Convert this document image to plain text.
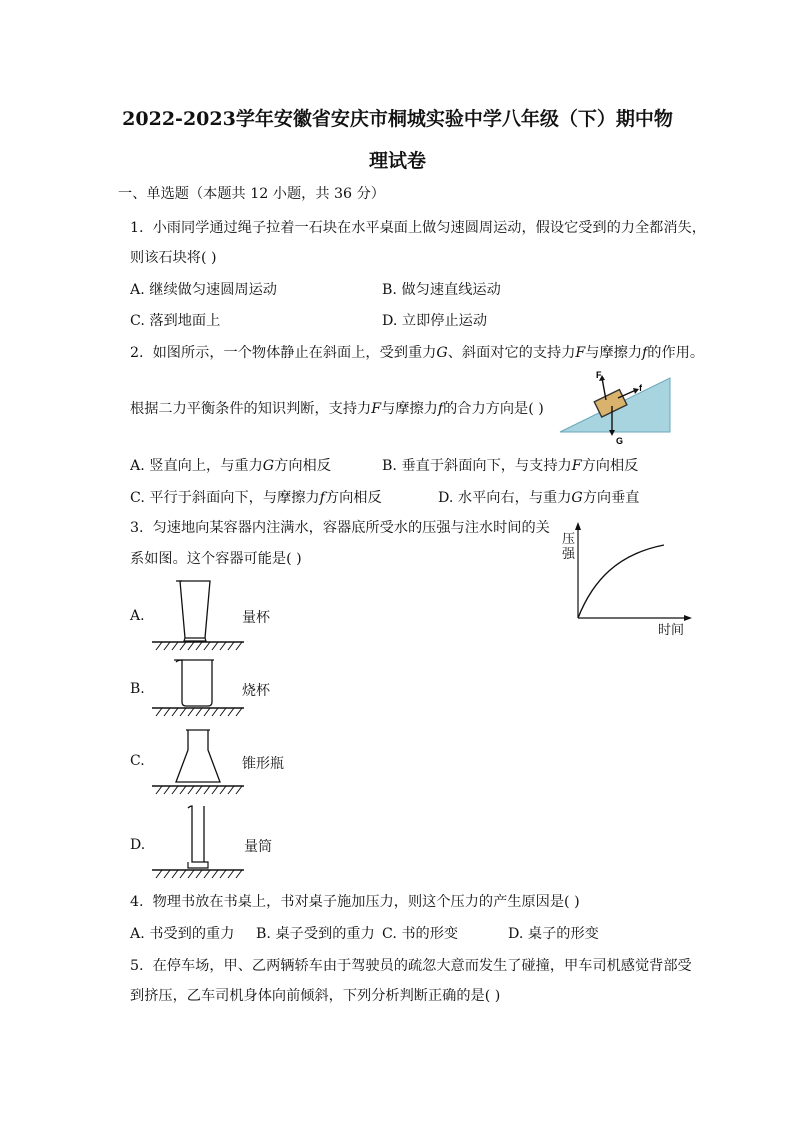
2022-2023学年安徽省安庆市桐城实验中学八年级（下）期中物
理试卷
一、单选题（本题共 12 小题，共 36 分）
1. 小雨同学通过绳子拉着一石块在水平桌面上做匀速圆周运动，假设它受到的力全都消失，
则该石块将( )
A. 继续做匀速圆周运动	B. 做匀速直线运动
C. 落到地面上	D. 立即停止运动
2. 如图所示，一个物体静止在斜面上，受到重力G、斜面对它的支持力F与摩擦力f的作用。
根据二力平衡条件的知识判断，支持力F与摩擦力f的合力方向是( )
F
f
G
A. 竖直向上，与重力G方向相反	B. 垂直于斜面向下，与支持力F方向相反
C. 平行于斜面向下，与摩擦力f方向相反	D. 水平向右，与重力G方向垂直
3. 匀速地向某容器内注满水，容器底所受水的压强与注水时间的关
系如图。这个容器可能是( )
压强
时间
A.	量杯
B.	烧杯
C.	锥形瓶
D.	量筒
4. 物理书放在书桌上，书对桌子施加压力，则这个压力的产生原因是( )
A. 书受到的重力 B. 桌子受到的重力 C. 书的形变	D. 桌子的形变
5. 在停车场，甲、乙两辆轿车由于驾驶员的疏忽大意而发生了碰撞，甲车司机感觉背部受
到挤压，乙车司机身体向前倾斜，下列分析判断正确的是( )
